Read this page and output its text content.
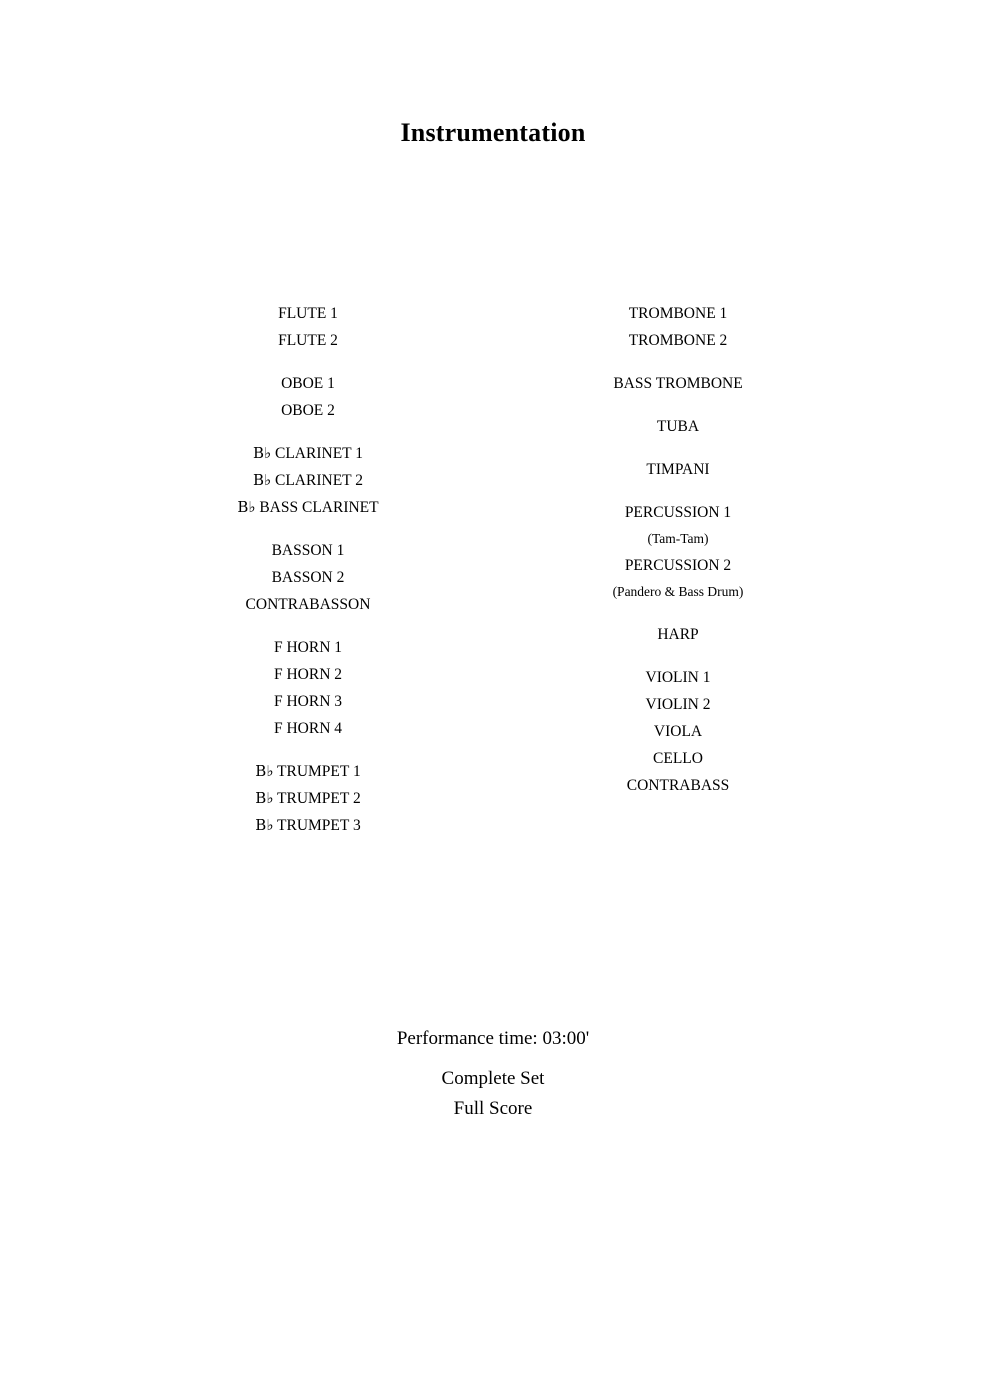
Instrumentation
FLUTE 1
FLUTE 2
OBOE 1
OBOE 2
B♭ CLARINET 1
B♭ CLARINET 2
B♭ BASS CLARINET
BASSON 1
BASSON 2
CONTRABASSON
F HORN 1
F HORN 2
F HORN 3
F HORN 4
B♭ TRUMPET 1
B♭ TRUMPET 2
B♭ TRUMPET 3
TROMBONE 1
TROMBONE 2
BASS TROMBONE
TUBA
TIMPANI
PERCUSSION 1
(Tam-Tam)
PERCUSSION 2
(Pandero & Bass Drum)
HARP
VIOLIN 1
VIOLIN 2
VIOLA
CELLO
CONTRABASS
Performance time: 03:00'
Complete Set
Full Score
